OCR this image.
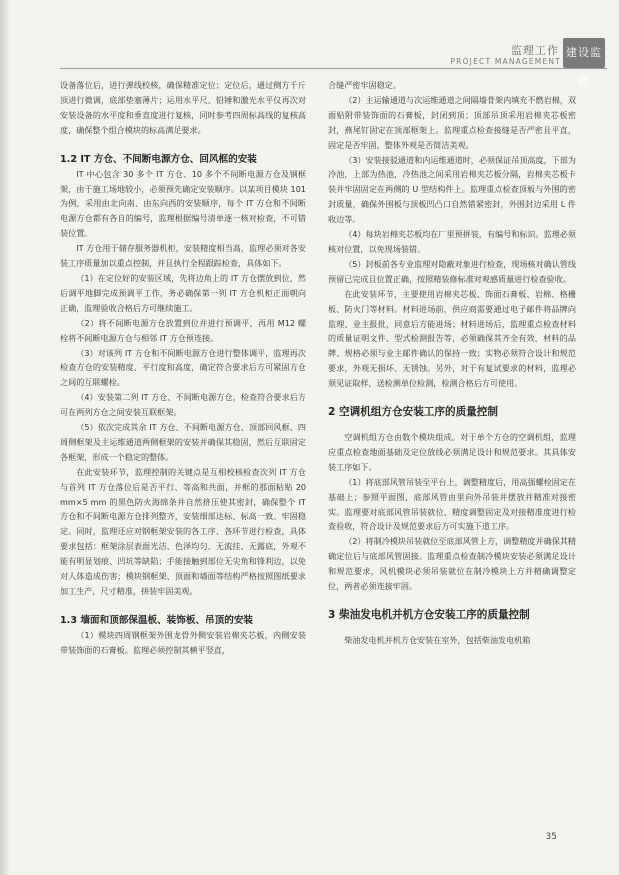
监理工作
PROJECT MANAGEMENT
建设监理

设备落位后，进行弹线校核，确保精准定位；定位后，通过侧方千斤顶进行微调，底部垫塞薄片；运用水平尺、铅锤和激光水平仪再次对安装设备的水平度和垂直度进行复核，同时参考四周标高线的复核高度，确保整个组合模块的标高满足要求。

1.2 IT 方仓、不间断电源方仓、回风框的安装

IT 中心包含 30 多个 IT 方仓、10 多个不间断电源方仓及钢框架，由于施工场地较小，必须预先确定安装顺序。以某项目模块 101 为例，采用由北向南、由东向西的安装顺序，每个 IT 方仓和不间断电源方仓都有各自的编号，监理根据编号清单逐一核对检查，不可错装位置。

IT 方仓用于储存服务器机柜，安装精度相当高，监理必须对各安装工序质量加以重点控制，并且执行全程跟踪检查，具体如下。

（1）在定位好的安装区域，先将边角上的 IT 方仓摆放到位，然后调平地脚完成预调平工作，务必确保第一列 IT 方仓机柜正面朝向正确，监理验收合格后方可继续施工。

（2）将不间断电源方仓放置到位并进行预调平，再用 M12 螺栓将不间断电源方仓与相邻 IT 方仓预连接。

（3）对该列 IT 方仓和不间断电源方仓进行整体调平，监理再次检查方仓的安装精度、平行度和高度，确定符合要求后方可紧固方仓之间的互联螺栓。

（4）安装第二列 IT 方仓、不间断电源方仓，检查符合要求后方可在两列方仓之间安装互联框架。

（5）依次完成其余 IT 方仓、不间断电源方仓、顶部回风框、四周侧框架及主运维通道两侧框架的安装并确保其稳固，然后互联固定各框架，形成一个稳定的整体。

在此安装环节，监理控制的关键点是互相校核检查次列 IT 方仓与首列 IT 方仓落位后是否平行、等高和共面，并框的那面粘贴 20 mm×5 mm 的黑色防火海绵条并自然挤压使其密封，确保整个 IT 方仓和不间断电源方仓排列整齐，安装细部达标、标高一致、牢固稳定。同时，监理还应对钢框架安装的各工序、各环节进行检查，具体要求包括：框架涂层表面光洁、色泽均匀、无流挂、无露底，外观不能有明显划痕、凹坑等缺陷；手能接触到部位无尖角和锋利边，以免对人体造成伤害；模块钢框架、顶面和墙面等结构严格按照图纸要求加工生产，尺寸精准，拼装牢固美观。

1.3 墙面和顶部保温板、装饰板、吊顶的安装

（1）模块四周钢框架外围龙骨外侧安装岩棉夹芯板，内侧安装带装饰面的石膏板。监理必须控制其横平竖直，

合缝严密牢固稳定。

（2）主运输通道与次运维通道之间隔墙骨架内填充不燃岩棉，双面贴附带装饰面的石膏板，封闭到顶；顶部吊顶采用岩棉夹芯板密封，燕尾钉固定在顶部框架上。监理重点检查接缝是否严密且平直，固定是否牢固，整体外观是否简洁美观。

（3）安装接驳通道和内运维通道时，必须保证吊顶高度，下部为冷池，上部为热池，冷热池之间采用岩棉夹芯板分隔，岩棉夹芯板卡装并牢固固定在两侧的 U 型结构件上。监理重点检查顶板与外围的密封质量，确保外围板与顶板凹凸口自然错紧密封，外围封边采用 L 件收边等。

（4）每块岩棉夹芯板均在厂里预拼装，有编号和标识。监理必须核对位置，以免现场装错。

（5）封板前各专业监理对隐蔽对象进行检查，现场核对确认管线预留已完成且位置正确，按照精装修标准对观感质量进行检查验收。

在此安装环节，主要使用岩棉夹芯板、饰面石膏板、岩棉、格栅板、防火门等材料。材料进场前，供应商需要通过电子邮件将品牌向监理、业主报批，同意后方能进场；材料进场后，监理重点检查材料的质量证明文件、型式检测报告等，必须确保其齐全有效，材料的品牌、规格必须与业主邮件确认的保持一致；实物必须符合设计和规范要求，外观无损坏、无锈蚀。另外，对于有复试要求的材料，监理必须见证取样，送检测单位检测，检测合格后方可使用。

2 空调机组方仓安装工序的质量控制

空调机组方仓由数个模块组成。对于单个方仓的空调机组，监理应重点检查地面基础及定位放线必须满足设计和规范要求。其具体安装工序如下。

（1）将底部风管吊装至平台上，调整精度后，用高强螺栓固定在基础上；参照平面图，底部风管由里向外吊装并摆放并精准对接密实。监理要对底部风管吊装就位、精度调整固定及对接精准度进行检查验收，符合设计及规范要求后方可实施下道工序。

（2）将制冷模块吊装就位至底部风管上方，调整精度并确保其精确定位后与底部风管固接。监理重点检查制冷模块安装必须满足设计和规范要求，风机模块必须吊装就位在制冷模块上方并精确调整定位，两者必须连接牢固。

3 柴油发电机并机方仓安装工序的质量控制

柴油发电机并机方仓安装在室外，包括柴油发电机箱

35
